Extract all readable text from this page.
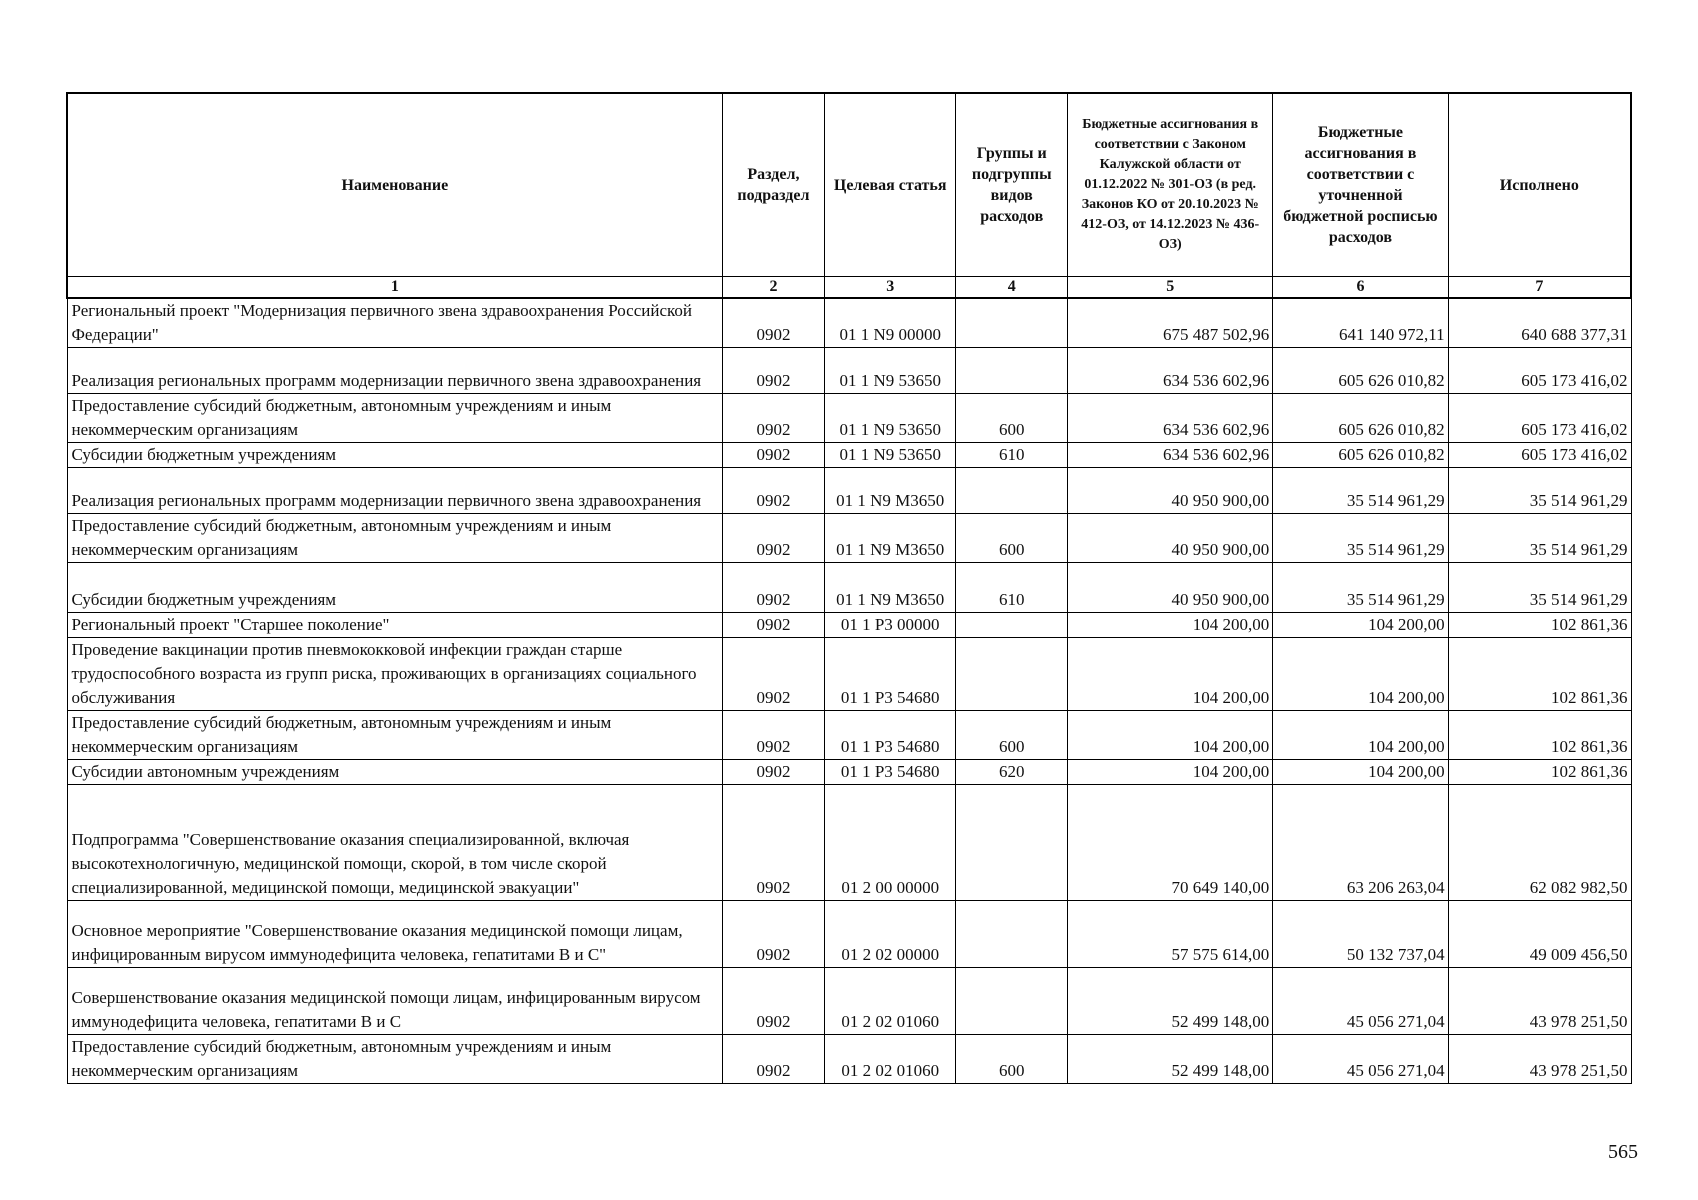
Наименование	Раздел, подраздел	Целевая статья	Группы и подгруппы видов расходов	Бюджетные ассигнования в соответствии с Законом Калужской области от 01.12.2022 № 301-ОЗ (в ред. Законов КО от 20.10.2023 № 412-ОЗ, от 14.12.2023 № 436-ОЗ)	Бюджетные ассигнования в соответствии с уточненной бюджетной росписью расходов	Исполнено
1	2	3	4	5	6	7
Региональный проект "Модернизация первичного звена здравоохранения Российской Федерации"	0902	01 1 N9 00000		675 487 502,96	641 140 972,11	640 688 377,31
Реализация региональных программ модернизации первичного звена здравоохранения	0902	01 1 N9 53650		634 536 602,96	605 626 010,82	605 173 416,02
Предоставление субсидий бюджетным, автономным учреждениям и иным некоммерческим организациям	0902	01 1 N9 53650	600	634 536 602,96	605 626 010,82	605 173 416,02
Субсидии бюджетным учреждениям	0902	01 1 N9 53650	610	634 536 602,96	605 626 010,82	605 173 416,02
Реализация региональных программ модернизации первичного звена здравоохранения	0902	01 1 N9 M3650		40 950 900,00	35 514 961,29	35 514 961,29
Предоставление субсидий бюджетным, автономным учреждениям и иным некоммерческим организациям	0902	01 1 N9 M3650	600	40 950 900,00	35 514 961,29	35 514 961,29
Субсидии бюджетным учреждениям	0902	01 1 N9 M3650	610	40 950 900,00	35 514 961,29	35 514 961,29
Региональный проект "Старшее поколение"	0902	01 1 P3 00000		104 200,00	104 200,00	102 861,36
Проведение вакцинации против пневмококковой инфекции граждан старше трудоспособного возраста из групп риска, проживающих в организациях социального обслуживания	0902	01 1 P3 54680		104 200,00	104 200,00	102 861,36
Предоставление субсидий бюджетным, автономным учреждениям и иным некоммерческим организациям	0902	01 1 P3 54680	600	104 200,00	104 200,00	102 861,36
Субсидии автономным учреждениям	0902	01 1 P3 54680	620	104 200,00	104 200,00	102 861,36
Подпрограмма "Совершенствование оказания специализированной, включая высокотехнологичную, медицинской помощи, скорой, в том числе скорой специализированной, медицинской помощи, медицинской эвакуации"	0902	01 2 00 00000		70 649 140,00	63 206 263,04	62 082 982,50
Основное мероприятие "Совершенствование оказания медицинской помощи лицам, инфицированным вирусом иммунодефицита человека, гепатитами В и С"	0902	01 2 02 00000		57 575 614,00	50 132 737,04	49 009 456,50
Совершенствование оказания медицинской помощи лицам, инфицированным вирусом иммунодефицита человека, гепатитами В и С	0902	01 2 02 01060		52 499 148,00	45 056 271,04	43 978 251,50
Предоставление субсидий бюджетным, автономным учреждениям и иным некоммерческим организациям	0902	01 2 02 01060	600	52 499 148,00	45 056 271,04	43 978 251,50
565
